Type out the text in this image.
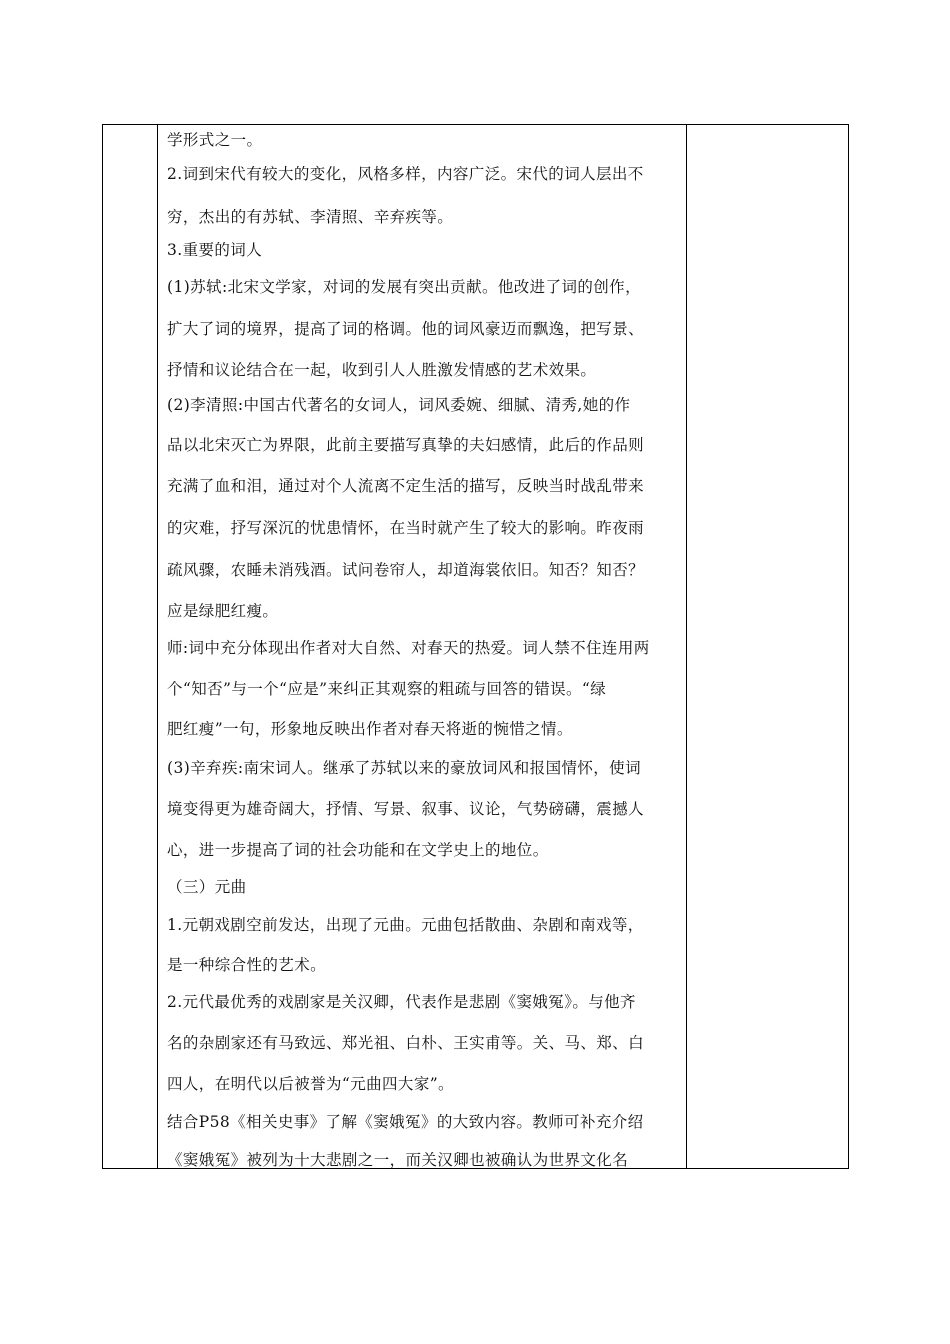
学形式之一。
2.词到宋代有较大的变化，风格多样，内容广泛。宋代的词人层出不
穷，杰出的有苏轼、李清照、辛弃疾等。
3.重要的词人
(1)苏轼:北宋文学家，对词的发展有突出贡献。他改进了词的创作，
扩大了词的境界，提高了词的格调。他的词风豪迈而飘逸，把写景、
抒情和议论结合在一起，收到引人人胜激发情感的艺术效果。
(2)李清照:中国古代著名的女词人，词风委婉、细腻、清秀,她的作
品以北宋灭亡为界限，此前主要描写真挚的夫妇感情，此后的作品则
充满了血和泪，通过对个人流离不定生活的描写，反映当时战乱带来
的灾难，抒写深沉的忧患情怀，在当时就产生了较大的影响。昨夜雨
疏风骤，农睡未消残酒。试问卷帘人，却道海裳依旧。知否？知否？
应是绿肥红瘦。
师:词中充分体现出作者对大自然、对春天的热爱。词人禁不住连用两
个“知否”与一个“应是”来纠正其观察的粗疏与回答的错误。“绿
肥红瘦”一句，形象地反映出作者对春天将逝的惋惜之情。
(3)辛弃疾:南宋词人。继承了苏轼以来的豪放词风和报国情怀，使词
境变得更为雄奇阔大，抒情、写景、叙事、议论，气势磅礴，震撼人
心，进一步提高了词的社会功能和在文学史上的地位。
（三）元曲
1.元朝戏剧空前发达，出现了元曲。元曲包括散曲、杂剧和南戏等，
是一种综合性的艺术。
2.元代最优秀的戏剧家是关汉卿，代表作是悲剧《窦娥冤》。与他齐
名的杂剧家还有马致远、郑光祖、白朴、王实甫等。关、马、郑、白
四人，在明代以后被誉为“元曲四大家”。
结合P58《相关史事》了解《窦娥冤》的大致内容。教师可补充介绍
《窦娥冤》被列为十大悲剧之一，而关汉卿也被确认为世界文化名
